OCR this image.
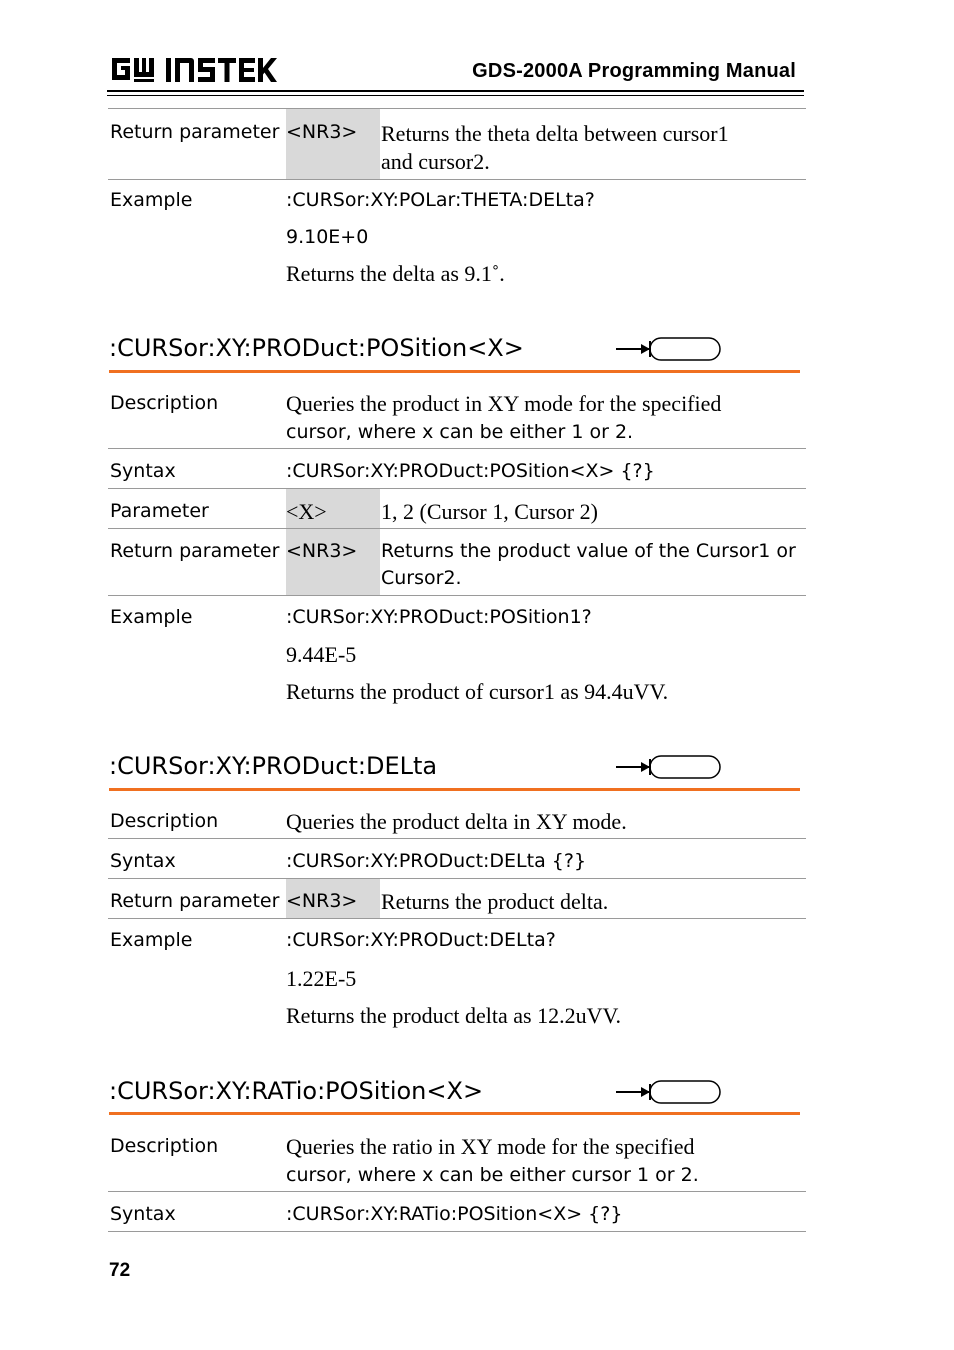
GDS-2000A Programming Manual
Return parameter <NR3> Returns the theta delta between cursor1
and cursor2.
Example	:CURSor:XY:POLar:THETA:DELta?
9.10E+0
Returns the delta as 9.1˚.
:CURSor:XY:PRODuct:POSition<X>
Description	Queries the product in XY mode for the specified
cursor, where x can be either 1 or 2.
Syntax	:CURSor:XY:PRODuct:POSition<X> {?}
Parameter	<X> 1, 2 (Cursor 1, Cursor 2)
Return parameter <NR3> Returns the product value of the Cursor1 or
Cursor2.
Example	:CURSor:XY:PRODuct:POSition1?
9.44E-5
Returns the product of cursor1 as 94.4uVV.
:CURSor:XY:PRODuct:DELta
Description	Queries the product delta in XY mode.
Syntax	:CURSor:XY:PRODuct:DELta {?}
Return parameter <NR3> Returns the product delta.
Example	:CURSor:XY:PRODuct:DELta?
1.22E-5
Returns the product delta as 12.2uVV.
:CURSor:XY:RATio:POSition<X>
Description	Queries the ratio in XY mode for the specified
cursor, where x can be either cursor 1 or 2.
Syntax	:CURSor:XY:RATio:POSition<X> {?}
72
